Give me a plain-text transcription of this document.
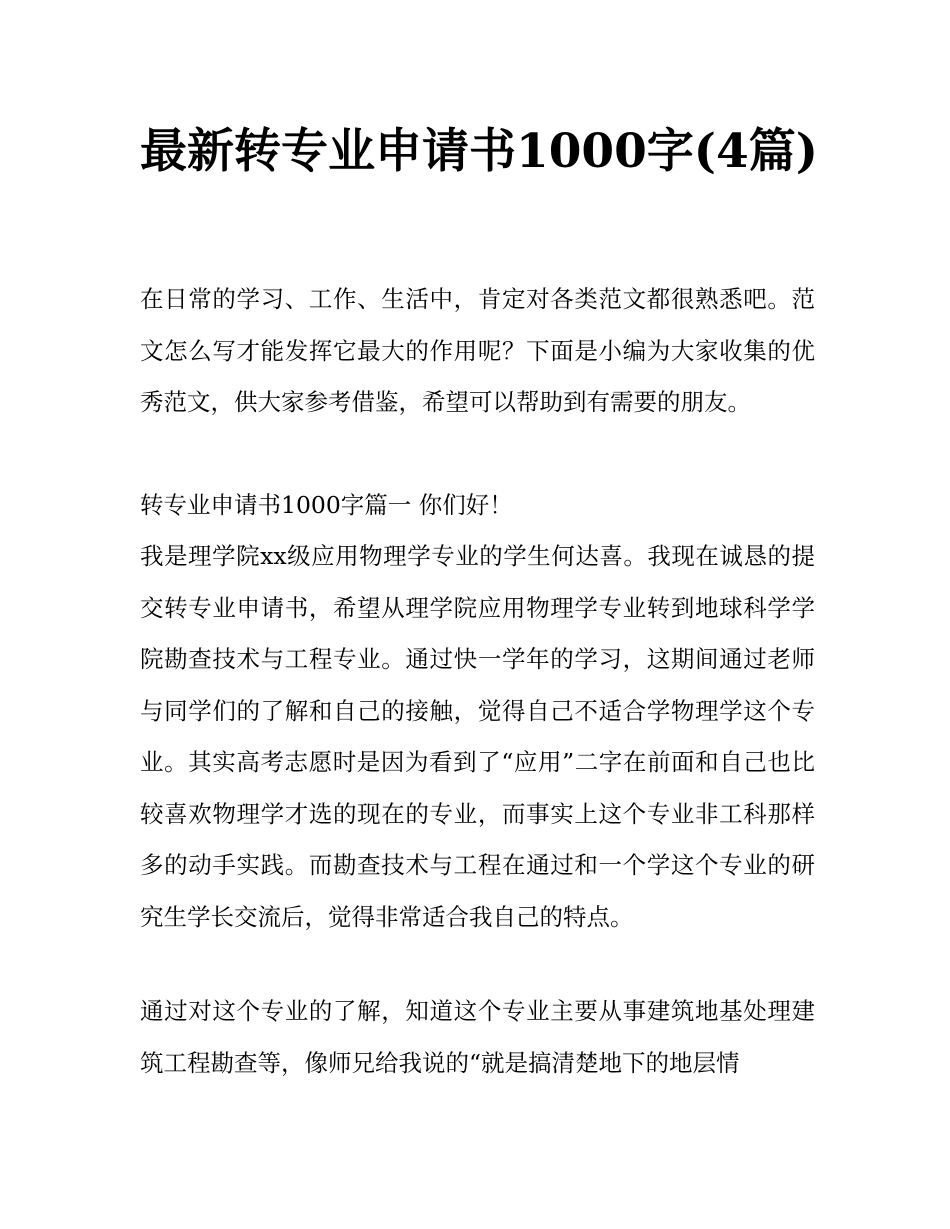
最新转专业申请书1000字(4篇)

在日常的学习、工作、生活中，肯定对各类范文都很熟悉吧。范文怎么写才能发挥它最大的作用呢？下面是小编为大家收集的优秀范文，供大家参考借鉴，希望可以帮助到有需要的朋友。

转专业申请书1000字篇一 你们好！

我是理学院xx级应用物理学专业的学生何达喜。我现在诚恳的提交转专业申请书，希望从理学院应用物理学专业转到地球科学学院勘查技术与工程专业。通过快一学年的学习，这期间通过老师与同学们的了解和自己的接触，觉得自己不适合学物理学这个专业。其实高考志愿时是因为看到了“应用”二字在前面和自己也比较喜欢物理学才选的现在的专业，而事实上这个专业非工科那样多的动手实践。而勘查技术与工程在通过和一个学这个专业的研究生学长交流后，觉得非常适合我自己的特点。

通过对这个专业的了解，知道这个专业主要从事建筑地基处理建筑工程勘查等，像师兄给我说的“就是搞清楚地下的地层情
